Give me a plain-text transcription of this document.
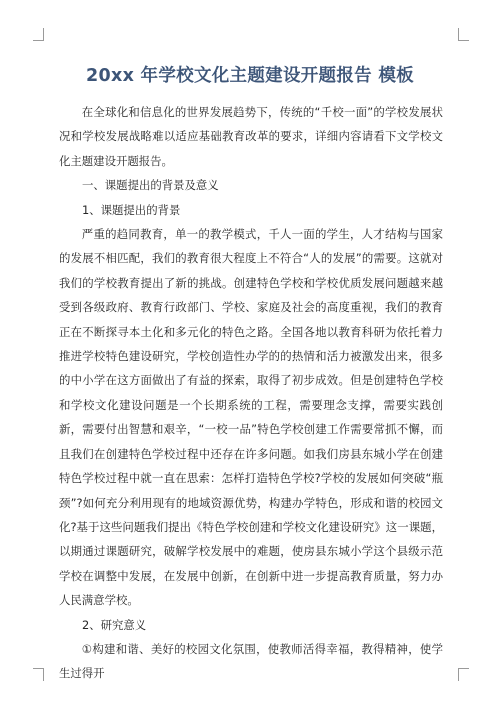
20xx 年学校文化主题建设开题报告 模板

在全球化和信息化的世界发展趋势下，传统的“千校一面”的学校发展状况和学校发展战略难以适应基础教育改革的要求，详细内容请看下文学校文化主题建设开题报告。

一、课题提出的背景及意义

1、课题提出的背景

严重的趋同教育，单一的教学模式，千人一面的学生，人才结构与国家的发展不相匹配，我们的教育很大程度上不符合“人的发展”的需要。这就对我们的学校教育提出了新的挑战。创建特色学校和学校优质发展问题越来越受到各级政府、教育行政部门、学校、家庭及社会的高度重视，我们的教育正在不断探寻本土化和多元化的特色之路。全国各地以教育科研为依托着力推进学校特色建设研究，学校创造性办学的的热情和活力被激发出来，很多的中小学在这方面做出了有益的探索，取得了初步成效。但是创建特色学校和学校文化建设问题是一个长期系统的工程，需要理念支撑，需要实践创新，需要付出智慧和艰辛，“一校一品”特色学校创建工作需要常抓不懈，而且我们在创建特色学校过程中还存在许多问题。如我们房县东城小学在创建特色学校过程中就一直在思索：怎样打造特色学校?学校的发展如何突破“瓶颈”?如何充分利用现有的地域资源优势，构建办学特色，形成和谐的校园文化?基于这些问题我们提出《特色学校创建和学校文化建设研究》这一课题，以期通过课题研究，破解学校发展中的难题，使房县东城小学这个县级示范学校在调整中发展，在发展中创新，在创新中进一步提高教育质量，努力办人民满意学校。

2、研究意义

①构建和谐、美好的校园文化氛围，使教师活得幸福，教得精神，使学生过得开
